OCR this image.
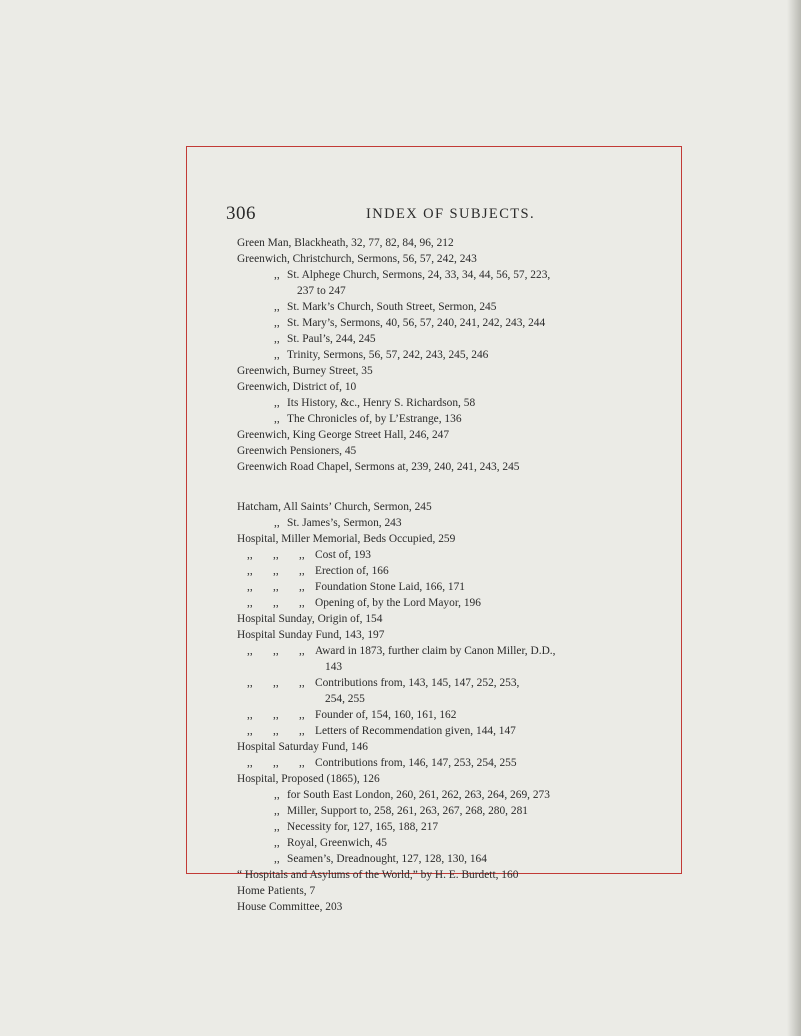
306	INDEX OF SUBJECTS.
Green Man, Blackheath, 32, 77, 82, 84, 96, 212
Greenwich, Christchurch, Sermons, 56, 57, 242, 243
,, St. Alphege Church, Sermons, 24, 33, 34, 44, 56, 57, 223,
237 to 247
,, St. Mark’s Church, South Street, Sermon, 245
,, St. Mary’s, Sermons, 40, 56, 57, 240, 241, 242, 243, 244
,, St. Paul’s, 244, 245
,, Trinity, Sermons, 56, 57, 242, 243, 245, 246
Greenwich, Burney Street, 35
Greenwich, District of, 10
,, Its History, &c., Henry S. Richardson, 58
,, The Chronicles of, by L’Estrange, 136
Greenwich, King George Street Hall, 246, 247
Greenwich Pensioners, 45
Greenwich Road Chapel, Sermons at, 239, 240, 241, 243, 245
Hatcham, All Saints’ Church, Sermon, 245
,, St. James’s, Sermon, 243
Hospital, Miller Memorial, Beds Occupied, 259
,, ,, ,, Cost of, 193
,, ,, ,, Erection of, 166
,, ,, ,, Foundation Stone Laid, 166, 171
,, ,, ,, Opening of, by the Lord Mayor, 196
Hospital Sunday, Origin of, 154
Hospital Sunday Fund, 143, 197
,, ,, ,, Award in 1873, further claim by Canon Miller, D.D.,
143
,, ,, ,, Contributions from, 143, 145, 147, 252, 253,
254, 255
,, ,, ,, Founder of, 154, 160, 161, 162
,, ,, ,, Letters of Recommendation given, 144, 147
Hospital Saturday Fund, 146
,, ,, ,, Contributions from, 146, 147, 253, 254, 255
Hospital, Proposed (1865), 126
,, for South East London, 260, 261, 262, 263, 264, 269, 273
,, Miller, Support to, 258, 261, 263, 267, 268, 280, 281
,, Necessity for, 127, 165, 188, 217
,, Royal, Greenwich, 45
,, Seamen’s, Dreadnought, 127, 128, 130, 164
“ Hospitals and Asylums of the World,” by H. E. Burdett, 160
Home Patients, 7
House Committee, 203
